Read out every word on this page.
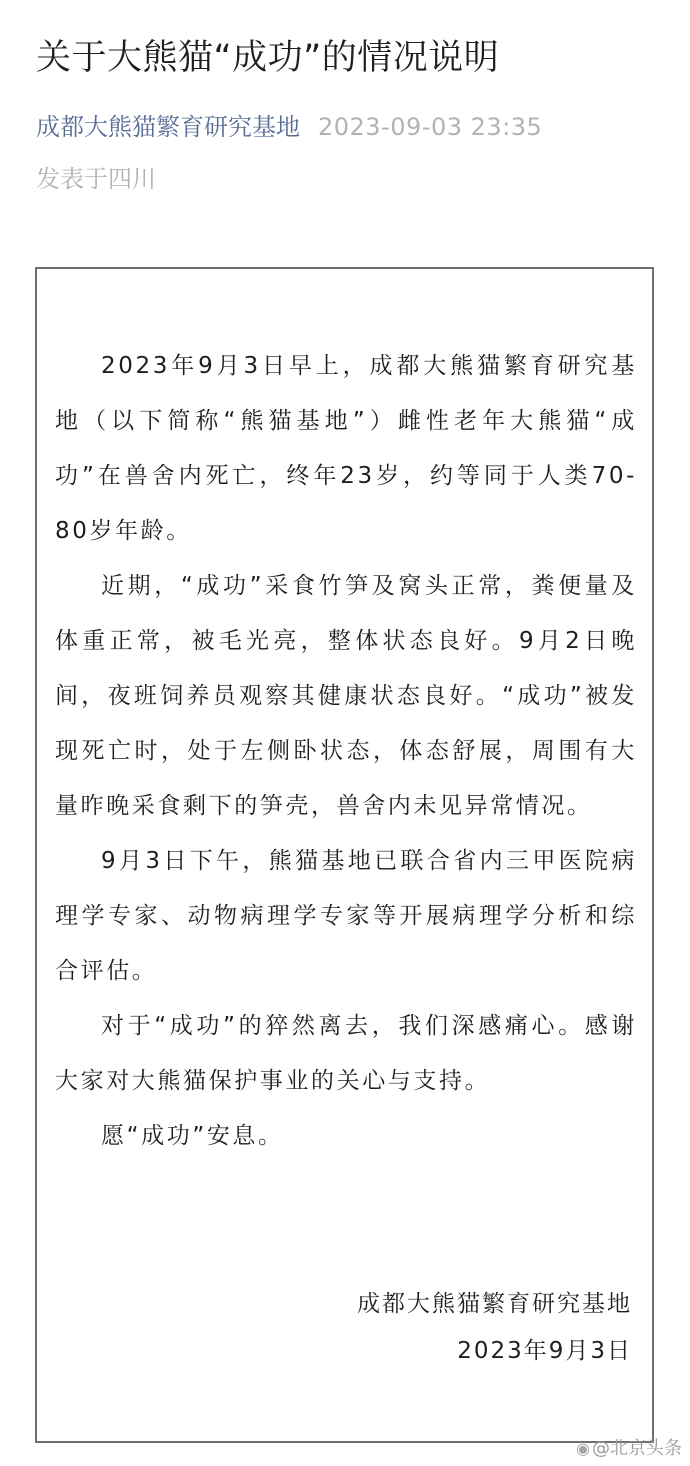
关于大熊猫“成功”的情况说明
成都大熊猫繁育研究基地 2023-09-03 23:35
发表于四川

2023年9月3日早上，成都大熊猫繁育研究基地（以下简称“熊猫基地”）雌性老年大熊猫“成功”在兽舍内死亡，终年23岁，约等同于人类70-80岁年龄。

近期，“成功”采食竹笋及窝头正常，粪便量及体重正常，被毛光亮，整体状态良好。9月2日晚间，夜班饲养员观察其健康状态良好。“成功”被发现死亡时，处于左侧卧状态，体态舒展，周围有大量昨晚采食剩下的笋壳，兽舍内未见异常情况。

9月3日下午，熊猫基地已联合省内三甲医院病理学专家、动物病理学专家等开展病理学分析和综合评估。

对于“成功”的猝然离去，我们深感痛心。感谢大家对大熊猫保护事业的关心与支持。

愿“成功”安息。

成都大熊猫繁育研究基地
2023年9月3日
◉ @北京头条
